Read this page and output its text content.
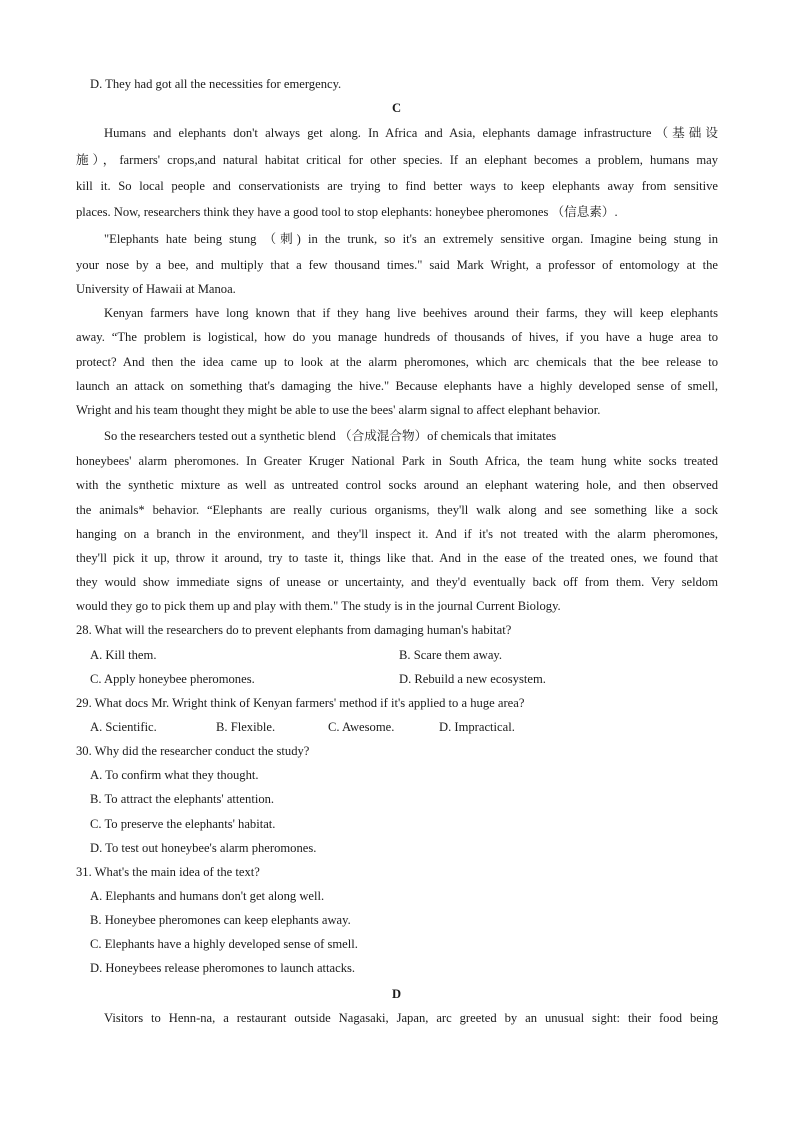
D. They had got all the necessities for emergency.
C
Humans and elephants don't always get along. In Africa and Asia, elephants damage infrastructure（基础设
施），farmers' crops,and natural habitat critical for other species. If an elephant becomes a problem, humans may
kill it. So local people and conservationists are trying to find better ways to keep elephants away from sensitive
places. Now, researchers think they have a good tool to stop elephants: honeybee pheromones （信息素）.
"Elephants hate being stung （刺) in the trunk, so it's an extremely sensitive organ. Imagine being stung in
your nose by a bee, and multiply that a few thousand times." said Mark Wright, a professor of entomology at the
University of Hawaii at Manoa.
Kenyan farmers have long known that if they hang live beehives around their farms, they will keep elephants
away. “The problem is logistical, how do you manage hundreds of thousands of hives, if you have a huge area to
protect? And then the idea came up to look at the alarm pheromones, which arc chemicals that the bee release to
launch an attack on something that's damaging the hive." Because elephants have a highly developed sense of smell,
Wright and his team thought they might be able to use the bees' alarm signal to affect elephant behavior.
So the researchers tested out a synthetic blend （合成混合物）of chemicals that imitates
honeybees' alarm pheromones. In Greater Kruger National Park in South Africa, the team hung white socks treated
with the synthetic mixture as well as untreated control socks around an elephant watering hole, and then observed
the animals* behavior. “Elephants are really curious organisms, they'll walk along and see something like a sock
hanging on a branch in the environment, and they'll inspect it. And if it's not treated with the alarm pheromones,
they'll pick it up, throw it around, try to taste it, things like that. And in the ease of the treated ones, we found that
they would show immediate signs of unease or uncertainty, and they'd eventually back off from them. Very seldom
would they go to pick them up and play with them." The study is in the journal Current Biology.
28. What will the researchers do to prevent elephants from damaging human's habitat?
A. Kill them.	B. Scare them away.
C. Apply honeybee pheromones.	D. Rebuild a new ecosystem.
29. What docs Mr. Wright think of Kenyan farmers' method if it's applied to a huge area?
A. Scientific.	B. Flexible.	C. Awesome.	D. Impractical.
30. Why did the researcher conduct the study?
A. To confirm what they thought.
B. To attract the elephants' attention.
C. To preserve the elephants' habitat.
D. To test out honeybee's alarm pheromones.
31. What's the main idea of the text?
A. Elephants and humans don't get along well.
B. Honeybee pheromones can keep elephants away.
C. Elephants have a highly developed sense of smell.
D. Honeybees release pheromones to launch attacks.
D
Visitors to Henn-na, a restaurant outside Nagasaki, Japan, arc greeted by an unusual sight: their food being
